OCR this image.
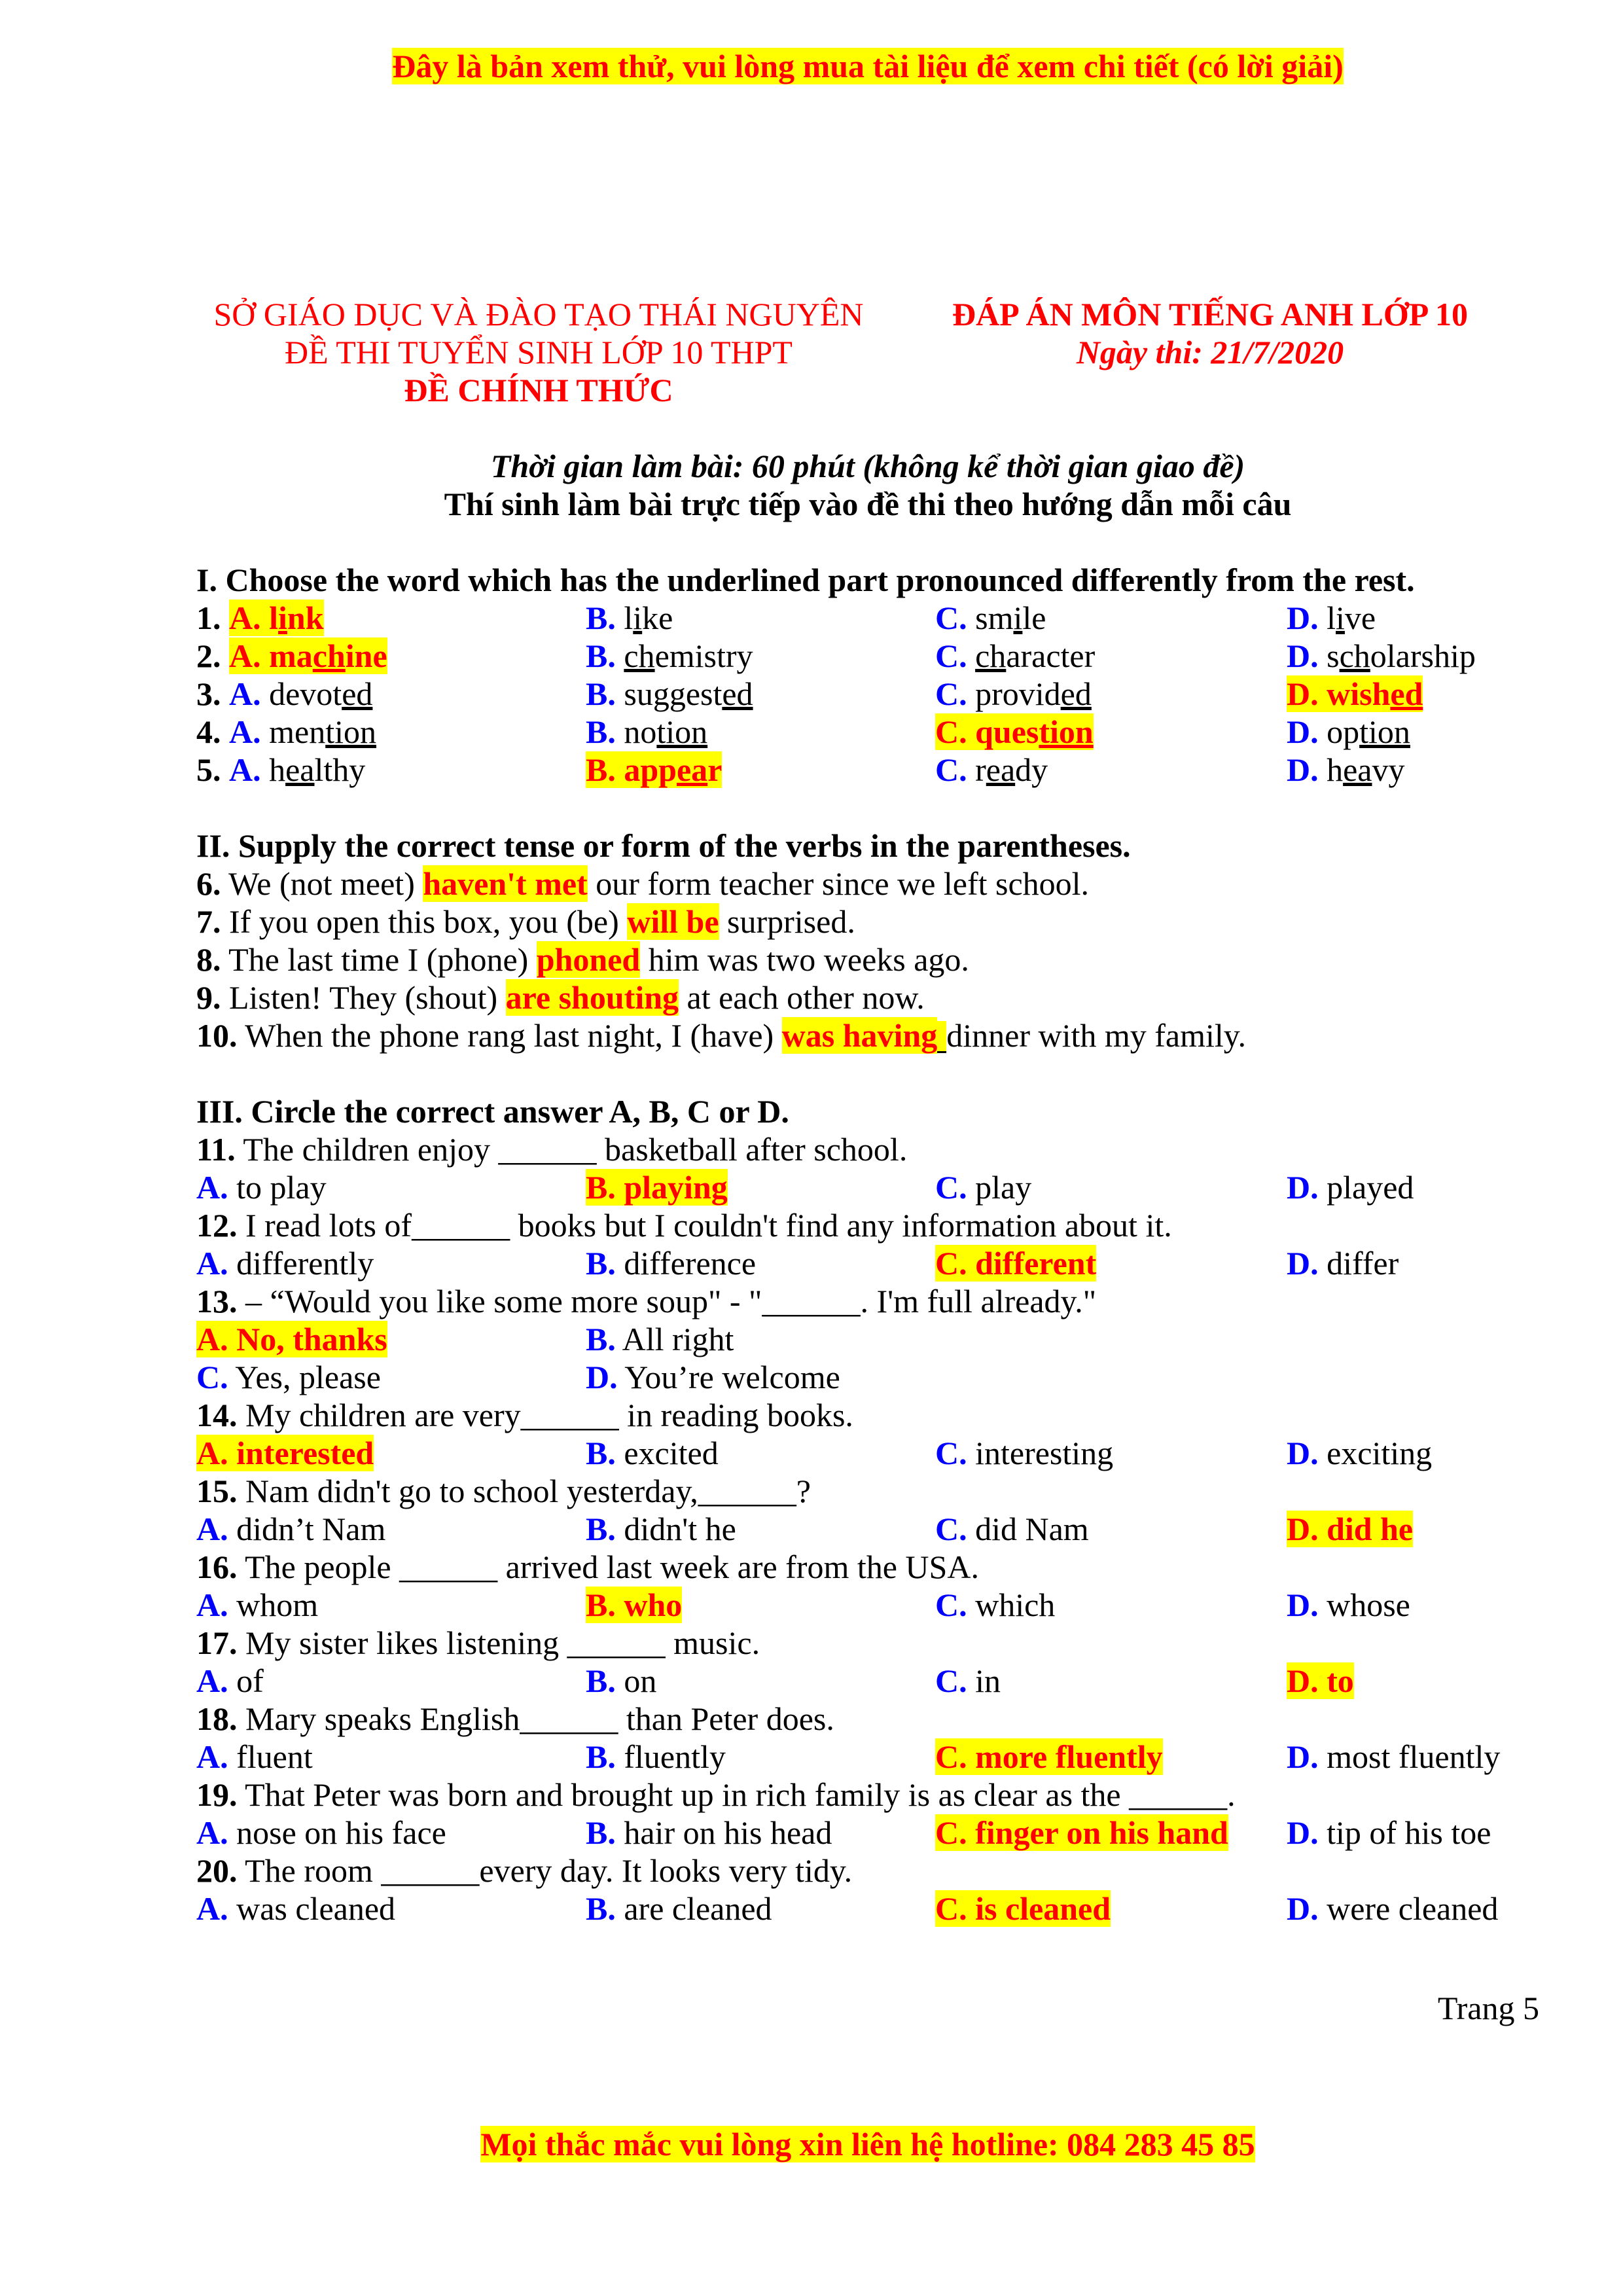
Đây là bản xem thử, vui lòng mua tài liệu để xem chi tiết (có lời giải)
SỞ GIÁO DỤC VÀ ĐÀO TẠO THÁI NGUYÊN
ĐỀ THI TUYỂN SINH LỚP 10 THPT
ĐỀ CHÍNH THỨC
ĐÁP ÁN MÔN TIẾNG ANH LỚP 10
Ngày thi: 21/7/2020
Thời gian làm bài: 60 phút (không kể thời gian giao đề)
Thí sinh làm bài trực tiếp vào đề thi theo hướng dẫn mỗi câu
I. Choose the word which has the underlined part pronounced differently from the rest.
1. A. link	B. like	C. smile	D. live
2. A. machine	B. chemistry	C. character	D. scholarship
3. A. devoted	B. suggested	C. provided	D. wished
4. A. mention	B. notion	C. question	D. option
5. A. healthy	B. appear	C. ready	D. heavy
II. Supply the correct tense or form of the verbs in the parentheses.
6. We (not meet) haven't met our form teacher since we left school.
7. If you open this box, you (be) will be surprised.
8. The last time I (phone) phoned him was two weeks ago.
9. Listen! They (shout) are shouting at each other now.
10. When the phone rang last night, I (have) was having dinner with my family.
III. Circle the correct answer A, B, C or D.
11. The children enjoy ______ basketball after school.
A. to play	B. playing	C. play	D. played
12. I read lots of______ books but I couldn't find any information about it.
A. differently	B. difference	C. different	D. differ
13. – “Would you like some more soup" - "______. I'm full already."
A. No, thanks	B. All right
C. Yes, please	D. You’re welcome
14. My children are very______ in reading books.
A. interested	B. excited	C. interesting	D. exciting
15. Nam didn't go to school yesterday,______?
A. didn’t Nam	B. didn't he	C. did Nam	D. did he
16. The people ______ arrived last week are from the USA.
A. whom	B. who	C. which	D. whose
17. My sister likes listening ______ music.
A. of	B. on	C. in	D. to
18. Mary speaks English______ than Peter does.
A. fluent	B. fluently	C. more fluently	D. most fluently
19. That Peter was born and brought up in rich family is as clear as the ______.
A. nose on his face	B. hair on his head	C. finger on his hand D. tip of his toe
20. The room ______every day. It looks very tidy.
A. was cleaned	B. are cleaned	C. is cleaned	D. were cleaned
Trang 5
Mọi thắc mắc vui lòng xin liên hệ hotline: 084 283 45 85
